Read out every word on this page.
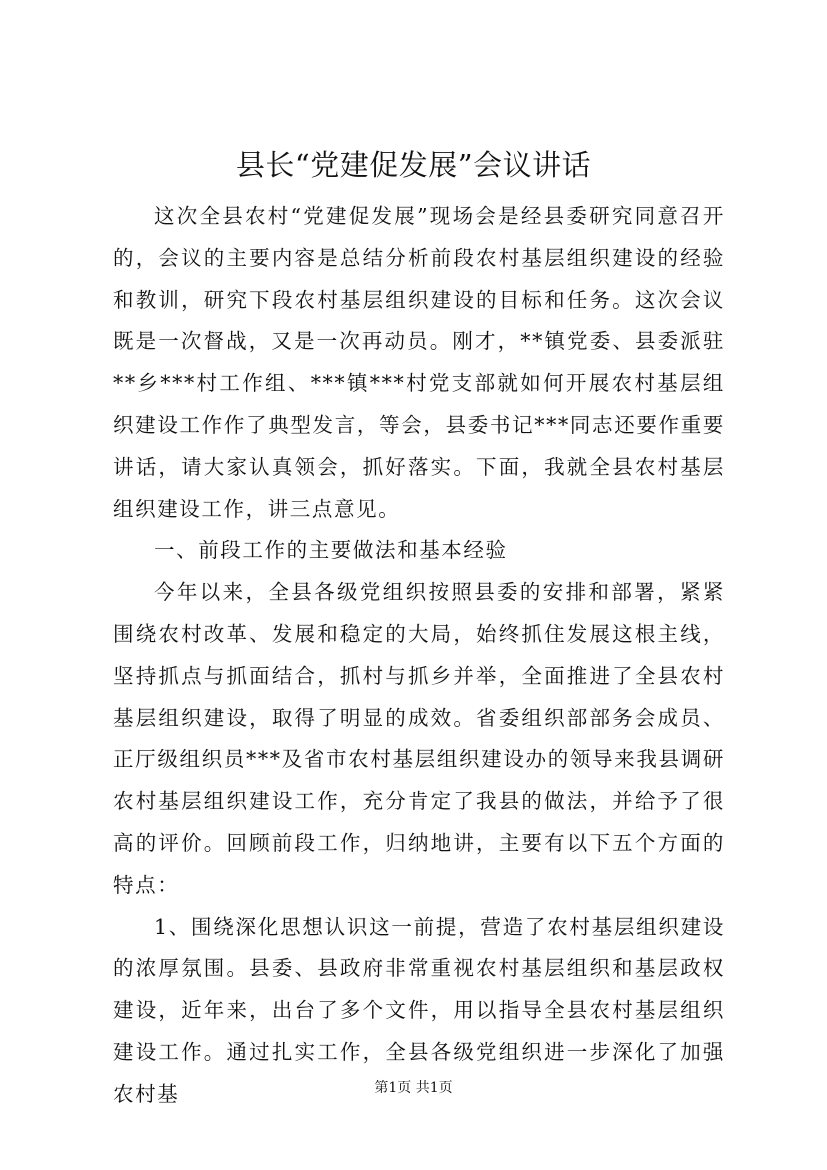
县长“党建促发展”会议讲话

这次全县农村“党建促发展”现场会是经县委研究同意召开的，会议的主要内容是总结分析前段农村基层组织建设的经验和教训，研究下段农村基层组织建设的目标和任务。这次会议既是一次督战，又是一次再动员。刚才，**镇党委、县委派驻**乡***村工作组、***镇***村党支部就如何开展农村基层组织建设工作作了典型发言，等会，县委书记***同志还要作重要讲话，请大家认真领会，抓好落实。下面，我就全县农村基层组织建设工作，讲三点意见。

一、前段工作的主要做法和基本经验

今年以来，全县各级党组织按照县委的安排和部署，紧紧围绕农村改革、发展和稳定的大局，始终抓住发展这根主线，坚持抓点与抓面结合，抓村与抓乡并举，全面推进了全县农村基层组织建设，取得了明显的成效。省委组织部部务会成员、正厅级组织员***及省市农村基层组织建设办的领导来我县调研农村基层组织建设工作，充分肯定了我县的做法，并给予了很高的评价。回顾前段工作，归纳地讲，主要有以下五个方面的特点：

1、围绕深化思想认识这一前提，营造了农村基层组织建设的浓厚氛围。县委、县政府非常重视农村基层组织和基层政权建设，近年来，出台了多个文件，用以指导全县农村基层组织建设工作。通过扎实工作，全县各级党组织进一步深化了加强农村基	第1页 共1页
